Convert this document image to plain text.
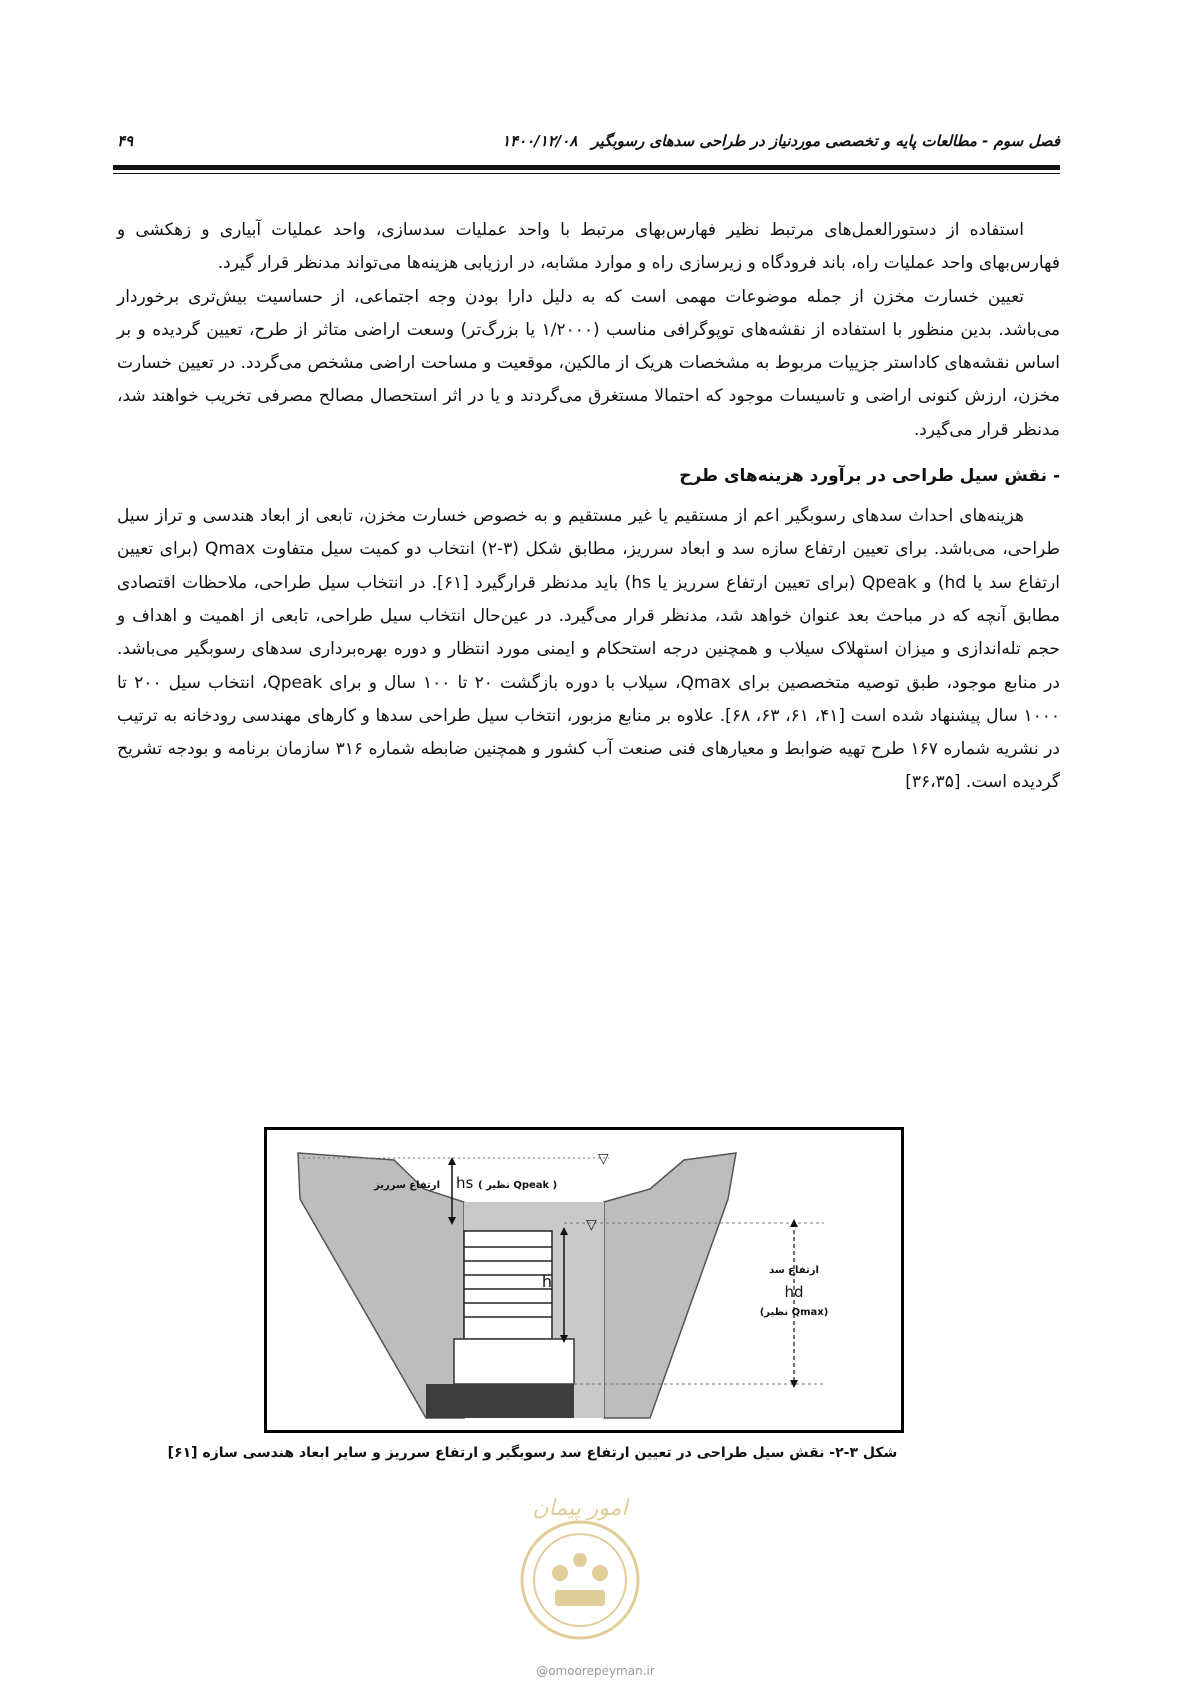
فصل سوم - مطالعات پایه و تخصصی موردنیاز در طراحی سدهای رسوبگیر۱۴۰۰/۱۲/۰۸
۴۹

استفاده از دستورالعمل‌های مرتبط نظیر فهارس‌بهای مرتبط با واحد عملیات سدسازی، واحد عملیات آبیاری و زهکشی و فهارس‌بهای واحد عملیات راه، باند فرودگاه و زیرسازی راه و موارد مشابه، در ارزیابی هزینه‌ها می‌تواند مدنظر قرار گیرد.

تعیین خسارت مخزن از جمله موضوعات مهمی است که به دلیل دارا بودن وجه اجتماعی، از حساسیت بیش‌تری برخوردار می‌باشد. بدین منظور با استفاده از نقشه‌های توپوگرافی مناسب (۱/۲۰۰۰ یا بزرگ‌تر) وسعت اراضی متاثر از طرح، تعیین گردیده و بر اساس نقشه‌های کاداستر جزییات مربوط به مشخصات هریک از مالکین، موقعیت و مساحت اراضی مشخص می‌گردد. در تعیین خسارت مخزن، ارزش کنونی اراضی و تاسیسات موجود که احتمالا مستغرق می‌گردند و یا در اثر استحصال مصالح مصرفی تخریب خواهند شد، مدنظر قرار می‌گیرد.

- نقش سیل طراحی در برآورد هزینه‌های طرح

هزینه‌های احداث سدهای رسوبگیر اعم از مستقیم یا غیر مستقیم و به خصوص خسارت مخزن، تابعی از ابعاد هندسی و تراز سیل طراحی، می‌باشد. برای تعیین ارتفاع سازه سد و ابعاد سرریز، مطابق شکل (۳-۲) انتخاب دو کمیت سیل متفاوت Qmax (برای تعیین ارتفاع سد یا hd) و Qpeak (برای تعیین ارتفاع سرریز یا hs) باید مدنظر قرارگیرد [۶۱]. در انتخاب سیل طراحی، ملاحظات اقتصادی مطابق آنچه که در مباحث بعد عنوان خواهد شد، مدنظر قرار می‌گیرد. در عین‌حال انتخاب سیل طراحی، تابعی از اهمیت و اهداف و حجم تله‌اندازی و میزان استهلاک سیلاب و همچنین درجه استحکام و ایمنی مورد انتظار و دوره بهره‌برداری سدهای رسوبگیر می‌باشد. در منابع موجود، طبق توصیه متخصصین برای Qmax، سیلاب با دوره بازگشت ۲۰ تا ۱۰۰ سال و برای Qpeak، انتخاب سیل ۲۰۰ تا ۱۰۰۰ سال پیشنهاد شده است [۴۱، ۶۱، ۶۳، ۶۸]. علاوه بر منابع مزبور، انتخاب سیل طراحی سدها و کارهای مهندسی رودخانه به ترتیب در نشریه شماره ۱۶۷ طرح تهیه ضوابط و معیارهای فنی صنعت آب کشور و همچنین ضابطه شماره ۳۱۶ سازمان برنامه و بودجه تشریح گردیده است. [۳۶،۳۵]

▽
▽
ارتفاع سرریز hs ( نظیر Qpeak )
h
ارتفاع سد
hd
(نظیر Qmax)
شکل ۳-۲- نقش سیل طراحی در تعیین ارتفاع سد رسوبگیر و ارتفاع سرریز و سایر ابعاد هندسی سازه [۶۱]
امور پیمان
@omoorepeyman.ir
